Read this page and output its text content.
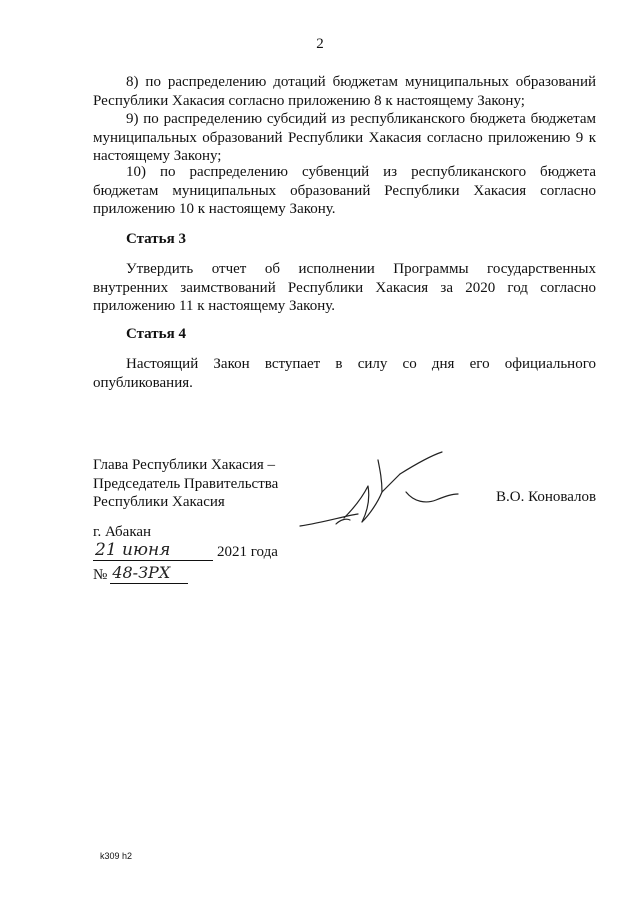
2

8) по распределению дотаций бюджетам муниципальных образований Республики Хакасия согласно приложению 8 к настоящему Закону;

9) по распределению субсидий из республиканского бюджета бюджетам муниципальных образований Республики Хакасия согласно приложению 9 к настоящему Закону;

10) по распределению субвенций из республиканского бюджета бюджетам муниципальных образований Республики Хакасия согласно приложению 10 к настоящему Закону.

Статья 3

Утвердить отчет об исполнении Программы государственных внутренних заимствований Республики Хакасия за 2020 год согласно приложению 11 к настоящему Закону.

Статья 4

Настоящий Закон вступает в силу со дня его официального опубликования.

Глава Республики Хакасия –
Председатель Правительства
Республики Хакасия	В.О. Коновалов
г. Абакан
21 июня	2021 года
№ 48-ЗРХ
k309 h2
